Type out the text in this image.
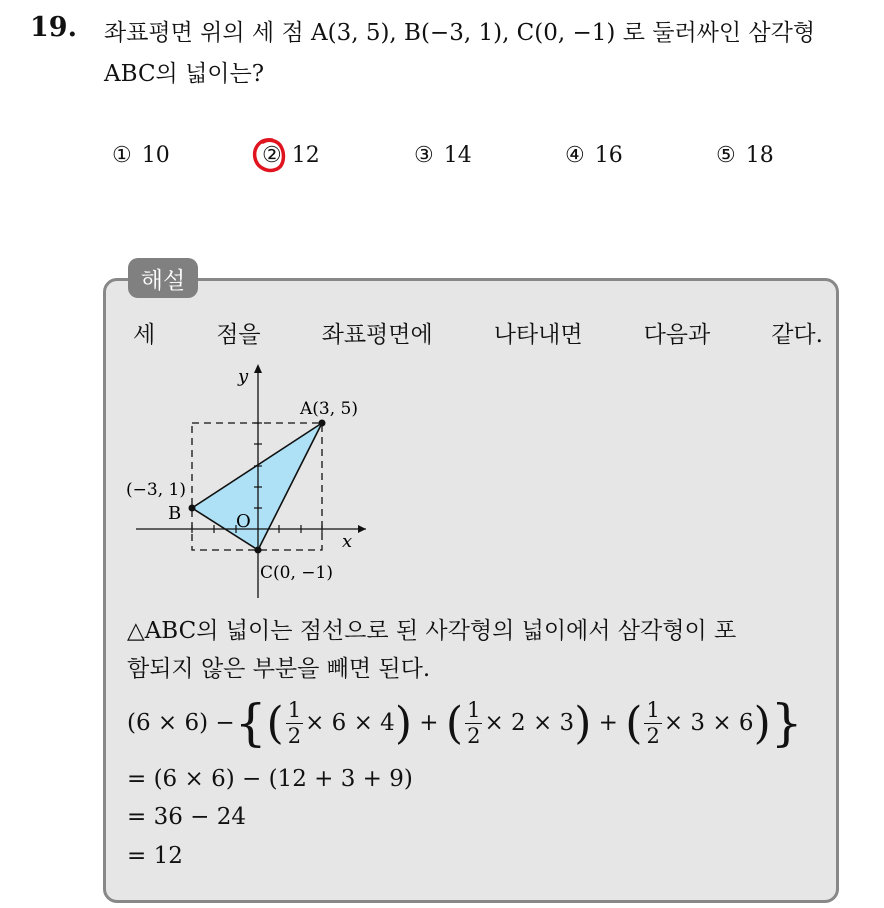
19. 좌표평면 위의 세 점 A(3, 5), B(−3, 1), C(0, −1) 로 둘러싸인 삼각형
ABC의 넓이는?
① 10	② 12	③ 14	④ 16	⑤ 18
해설
세	점을	좌표평면에	나타내면	다음과	같다.
y
x
O
A(3, 5)
(−3, 1)
B
C(0, −1)
△ABC의 넓이는 점선으로 된 사각형의 넓이에서 삼각형이 포
함되지 않은 부분을 빼면 된다.
(6 × 6) − { ( $\frac{1}{2} \times 6 \times 4$ ) + ( $\frac{1}{2} \times 2 \times 3$ ) + ( $\frac{1}{2} \times 3 \times 6$ ) }
= (6 × 6) − (12 + 3 + 9)
= 36 − 24
= 12
